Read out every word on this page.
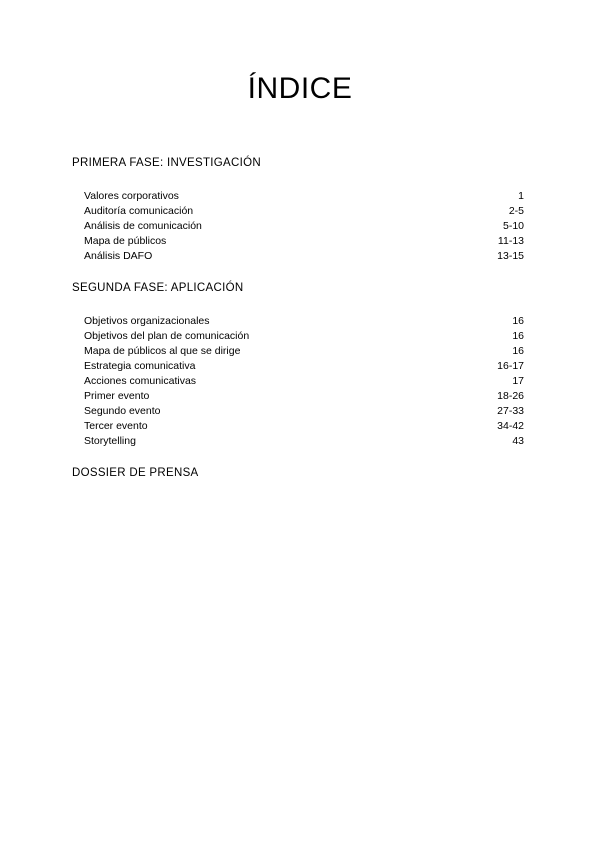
ÍNDICE
PRIMERA FASE: INVESTIGACIÓN
Valores corporativos	1
Auditoría comunicación	2-5
Análisis de comunicación	5-10
Mapa de públicos	11-13
Análisis DAFO	13-15
SEGUNDA FASE: APLICACIÓN
Objetivos organizacionales	16
Objetivos del plan de comunicación	16
Mapa de públicos al que se dirige	16
Estrategia comunicativa	16-17
Acciones comunicativas	17
Primer evento	18-26
Segundo evento	27-33
Tercer evento	34-42
Storytelling	43
DOSSIER DE PRENSA
